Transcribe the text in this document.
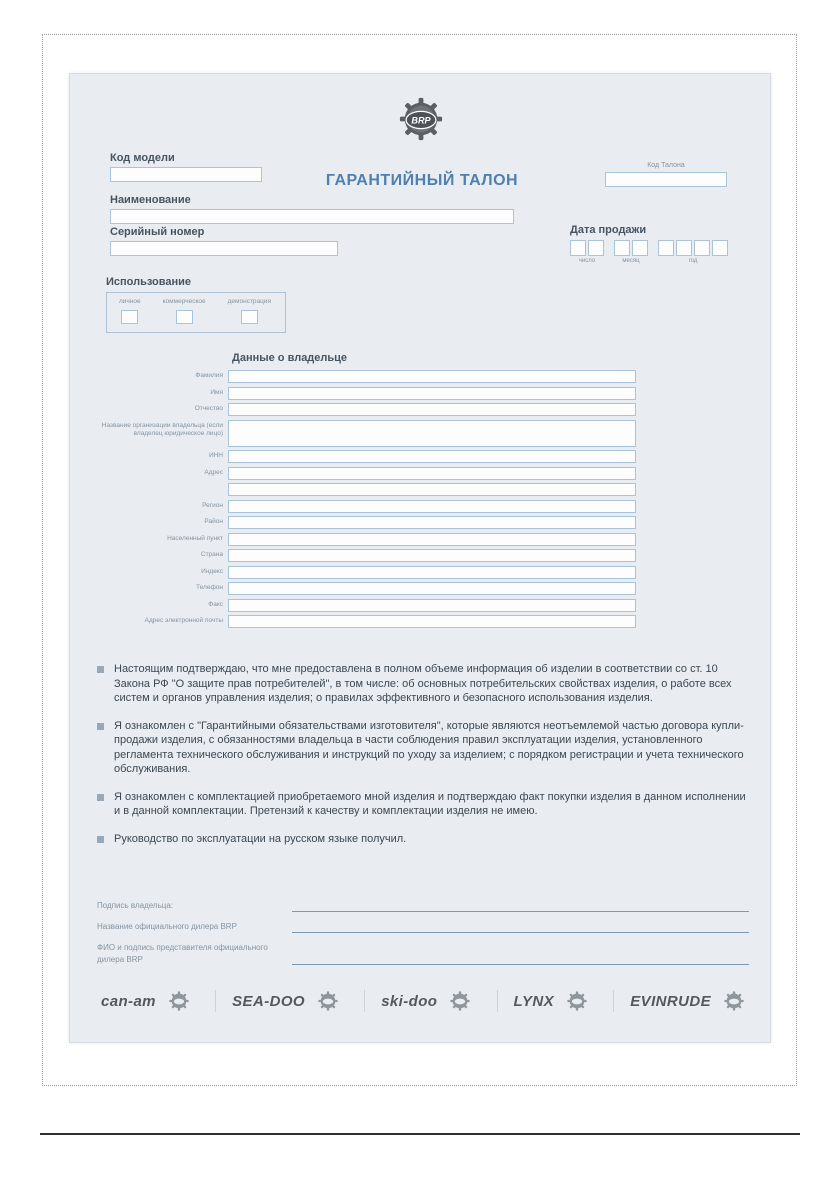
BRP
ГАРАНТИЙНЫЙ ТАЛОН
Код модели
Код Талона
Наименование
Серийный номер	Дата продажи
число	месяц	год
Использование
личное	коммерческое	демонстрация
Данные о владельце
Фамилия
Имя
Отчество
Название организации владельца (если владелец юридическое лицо)
ИНН
Адрес
Регион
Район
Населенный пункт
Страна
Индекс
Телефон
Факс
Адрес электронной почты
Настоящим подтверждаю, что мне предоставлена в полном объеме информация об изделии в соответствии со ст. 10 Закона РФ "О защите прав потребителей", в том числе: об основных потребительских свойствах изделия, о работе всех систем и органов управления изделия; о правилах эффективного и безопасного использования изделия.
Я ознакомлен с "Гарантийными обязательствами изготовителя", которые являются неотъемлемой частью договора купли-продажи изделия, с обязанностями владельца в части соблюдения правил эксплуатации изделия, установленного регламента технического обслуживания и инструкций по уходу за изделием; с порядком регистрации и учета технического обслуживания.
Я ознакомлен с комплектацией приобретаемого мной изделия и подтверждаю факт покупки изделия в данном исполнении и в данной комплектации. Претензий к качеству и комплектации изделия не имею.
Руководство по эксплуатации на русском языке получил.
Подпись владельца:
Название официального дилера BRP
ФИО и подпись представителя официального дилера BRP
can-am	SEA-DOO	ski-doo	LYNX	EVINRUDE
